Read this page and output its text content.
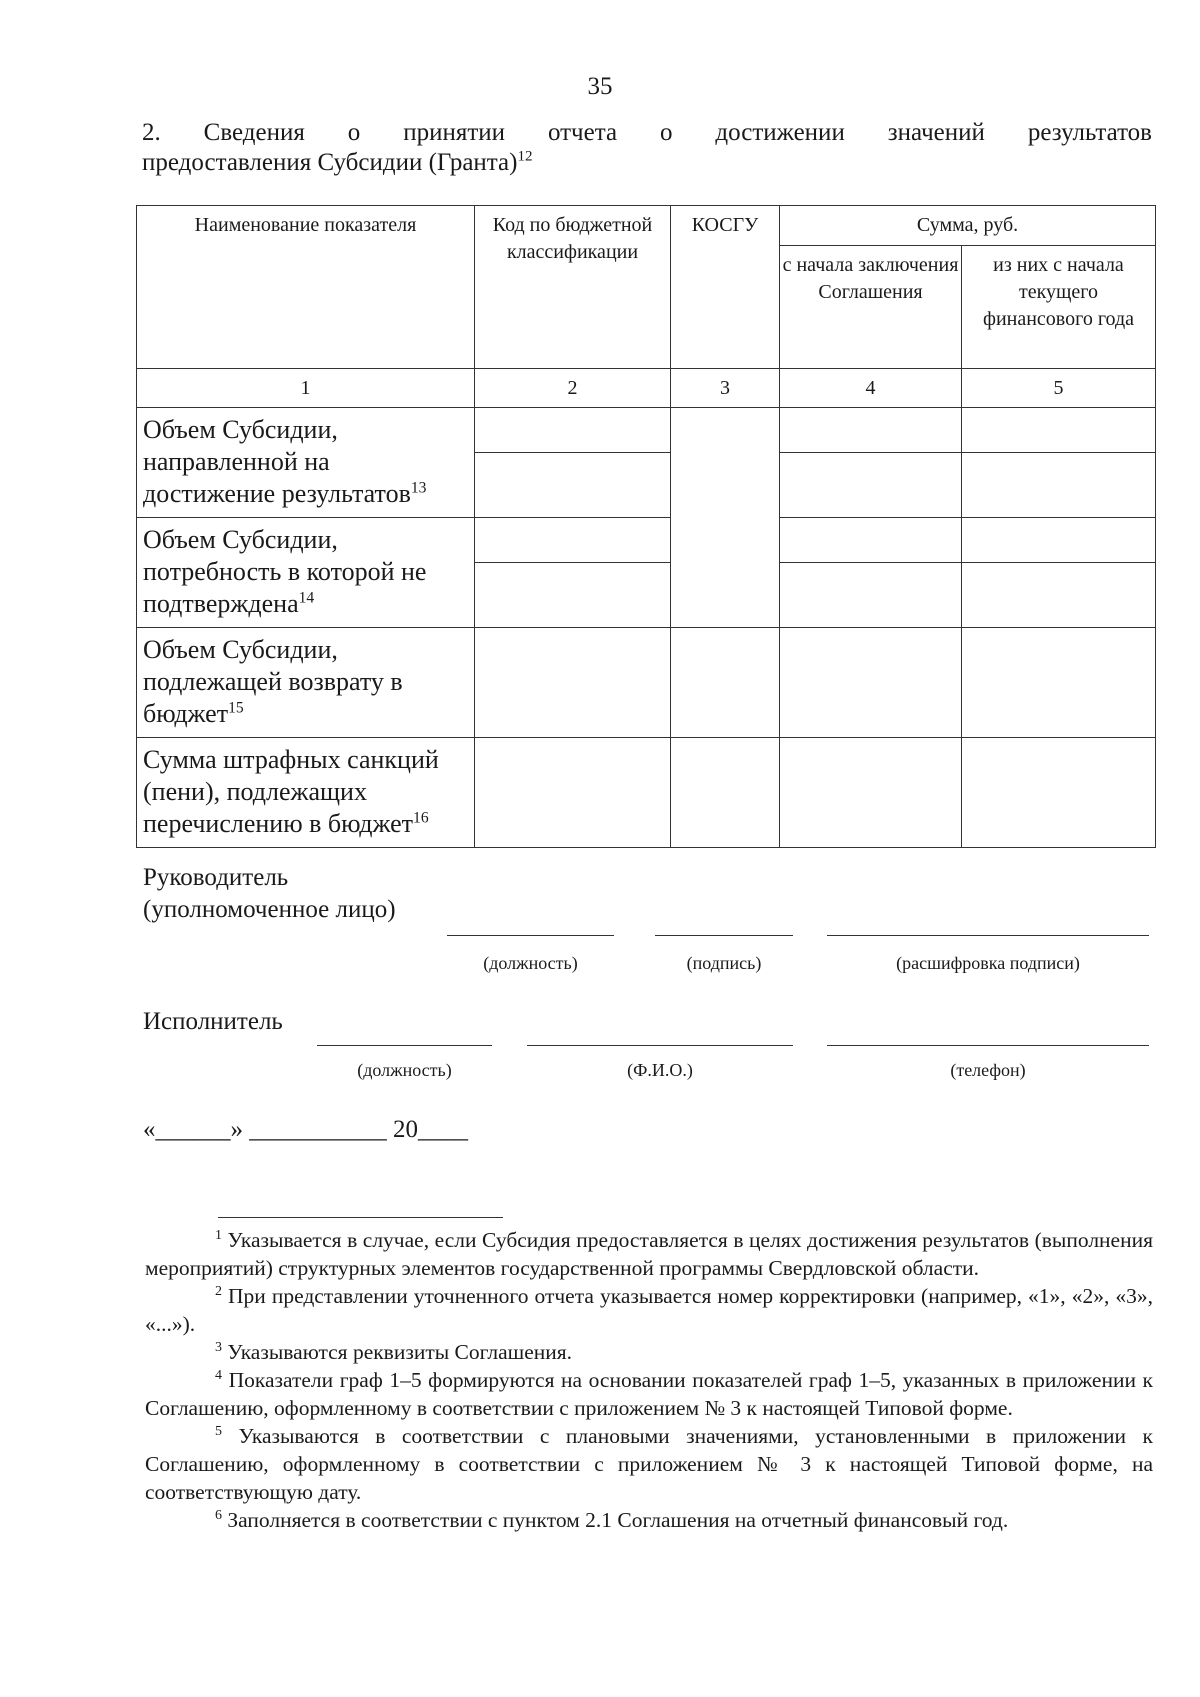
35
2. Сведения о принятии отчета о достижении значений результатов
предоставления Субсидии (Гранта)$^{12}$
Наименование показателя	Код по бюджетной классификации	КОСГУ	Сумма, руб.	
			с начала заключения Соглашения	из них с начала текущего финансового года
1	2	3	4	5
Объем Субсидии, направленной на достижение результатов$^{13}$				

Объем Субсидии, потребность в которой не подтверждена$^{14}$			

Объем Субсидии, подлежащей возврату в бюджет$^{15}$				
Сумма штрафных санкций (пени), подлежащих перечислению в бюджет$^{16}$				
Руководитель
(уполномоченное лицо)
(должность)	(подпись)	(расшифровка подписи)
Исполнитель
(должность)	(Ф.И.О.)	(телефон)
«______» ___________ 20____

$^1$ Указывается в случае, если Субсидия предоставляется в целях достижения результатов (выполнения мероприятий) структурных элементов государственной программы Свердловской области.

$^2$ При представлении уточненного отчета указывается номер корректировки (например, «1», «2», «3», «...»).

$^3$ Указываются реквизиты Соглашения.

$^4$ Показатели граф 1–5 формируются на основании показателей граф 1–5, указанных в приложении к Соглашению, оформленному в соответствии с приложением № 3 к настоящей Типовой форме.

$^5$ Указываются в соответствии с плановыми значениями, установленными в приложении к Соглашению, оформленному в соответствии с приложением № 3 к настоящей Типовой форме, на соответствующую дату.

$^6$ Заполняется в соответствии с пунктом 2.1 Соглашения на отчетный финансовый год.
